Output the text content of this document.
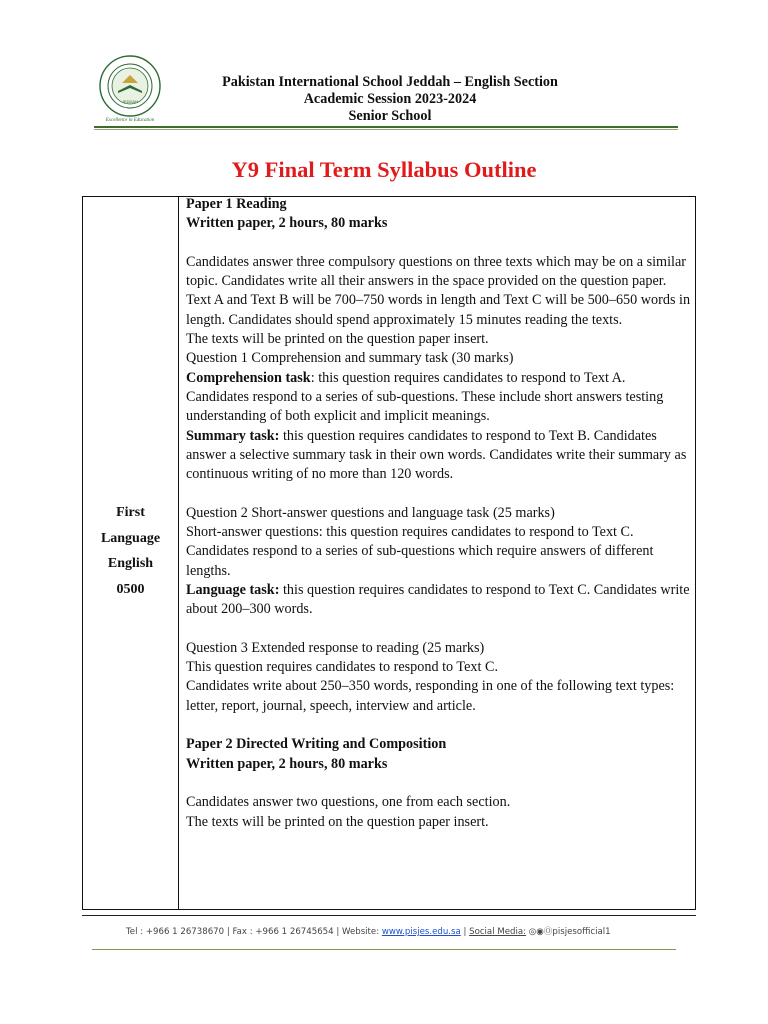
JEDDAH
Excellence in Education
Pakistan International School Jeddah – English Section
Academic Session 2023-2024
Senior School
Y9 Final Term Syllabus Outline
First
Language
English
0500

Paper 1 Reading

Written paper, 2 hours, 80 marks

Candidates answer three compulsory questions on three texts which may be on a similar topic. Candidates write all their answers in the space provided on the question paper.

Text A and Text B will be 700–750 words in length and Text C will be 500–650 words in length. Candidates should spend approximately 15 minutes reading the texts.

The texts will be printed on the question paper insert.

Question 1 Comprehension and summary task (30 marks)

Comprehension task: this question requires candidates to respond to Text A. Candidates respond to a series of sub-questions. These include short answers testing understanding of both explicit and implicit meanings.

Summary task: this question requires candidates to respond to Text B. Candidates answer a selective summary task in their own words. Candidates write their summary as continuous writing of no more than 120 words.

Question 2 Short-answer questions and language task (25 marks)

Short-answer questions: this question requires candidates to respond to Text C. Candidates respond to a series of sub-questions which require answers of different lengths.

Language task: this question requires candidates to respond to Text C. Candidates write about 200–300 words.

Question 3 Extended response to reading (25 marks)

This question requires candidates to respond to Text C.

Candidates write about 250–350 words, responding in one of the following text types: letter, report, journal, speech, interview and article.

Paper 2 Directed Writing and Composition

Written paper, 2 hours, 80 marks

Candidates answer two questions, one from each section.

The texts will be printed on the question paper insert.

Tel : +966 1 26738670 | Fax : +966 1 26745654 | Website: www.pisjes.edu.sa | Social Media: ◎◉Ⓞpisjesofficial1
